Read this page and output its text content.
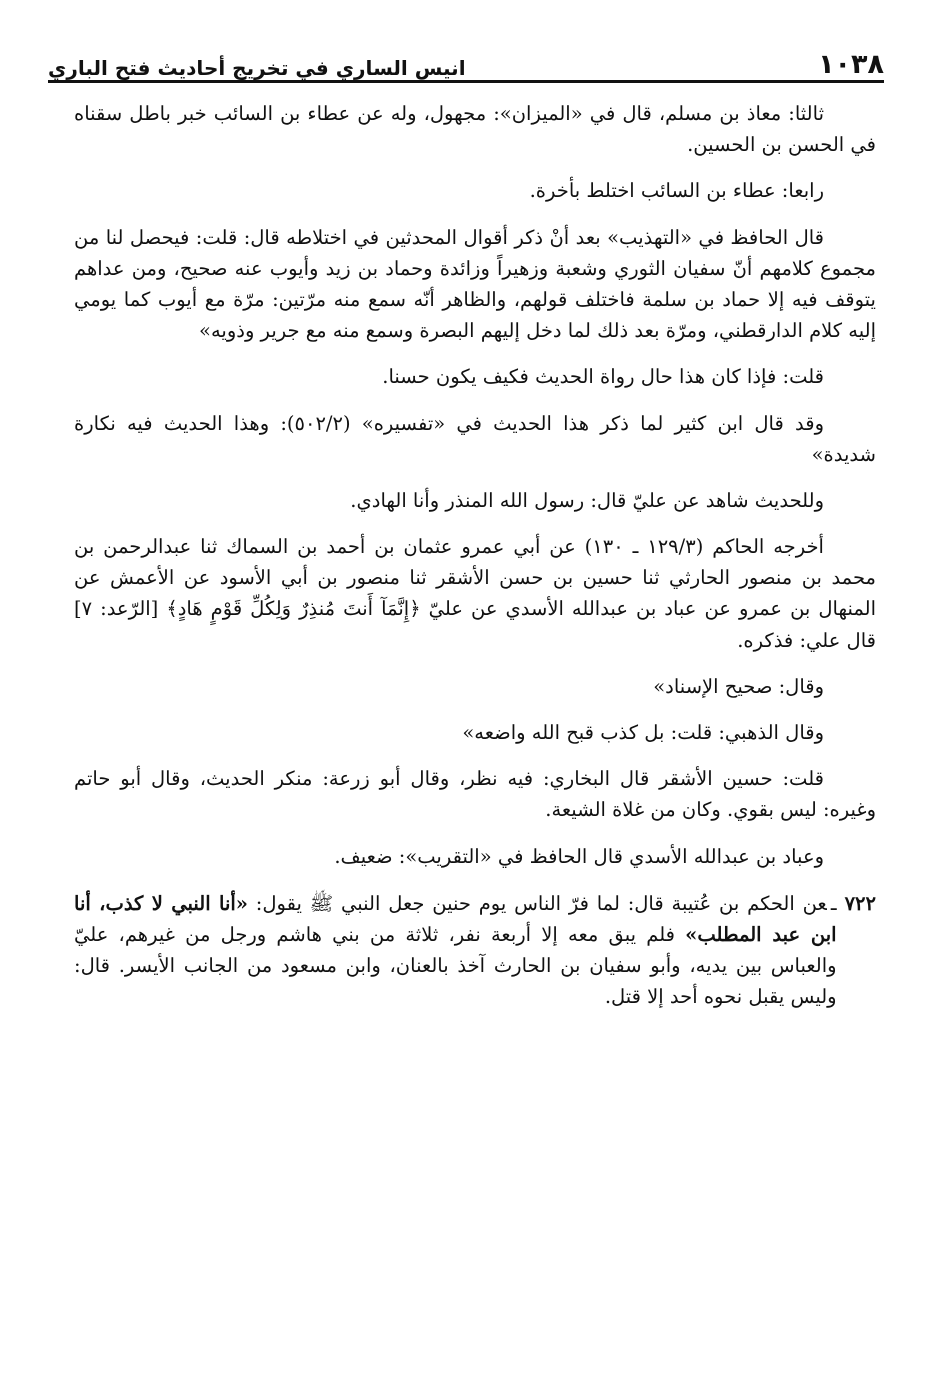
١٠٣٨
انيس الساري في تخريج أحاديث فتح الباري

ثالثا: معاذ بن مسلم، قال في «الميزان»: مجهول، وله عن عطاء بن السائب خبر باطل سقناه في الحسن بن الحسين.

رابعا: عطاء بن السائب اختلط بأخرة.

قال الحافظ في «التهذيب» بعد أنْ ذكر أقوال المحدثين في اختلاطه قال: قلت: فيحصل لنا من مجموع كلامهم أنّ سفيان الثوري وشعبة وزهيراً وزائدة وحماد بن زيد وأيوب عنه صحيح، ومن عداهم يتوقف فيه إلا حماد بن سلمة فاختلف قولهم، والظاهر أنّه سمع منه مرّتين: مرّة مع أيوب كما يومي إليه كلام الدارقطني، ومرّة بعد ذلك لما دخل إليهم البصرة وسمع منه مع جرير وذويه»

قلت: فإذا كان هذا حال رواة الحديث فكيف يكون حسنا.

وقد قال ابن كثير لما ذكر هذا الحديث في «تفسيره» (٥٠٢/٢): وهذا الحديث فيه نكارة شديدة»

وللحديث شاهد عن عليّ قال: رسول الله المنذر وأنا الهادي.

أخرجه الحاكم (١٢٩/٣ ـ ١٣٠) عن أبي عمرو عثمان بن أحمد بن السماك ثنا عبدالرحمن بن محمد بن منصور الحارثي ثنا حسين بن حسن الأشقر ثنا منصور بن أبي الأسود عن الأعمش عن المنهال بن عمرو عن عباد بن عبدالله الأسدي عن عليّ ﴿إِنَّمَآ أَنتَ مُنذِرٌ وَلِكُلِّ قَوْمٍ هَادٍ﴾ [الرّعد: ٧] قال علي: فذكره.

وقال: صحيح الإسناد»

وقال الذهبي: قلت: بل كذب قبح الله واضعه»

قلت: حسين الأشقر قال البخاري: فيه نظر، وقال أبو زرعة: منكر الحديث، وقال أبو حاتم وغيره: ليس بقوي. وكان من غلاة الشيعة.

وعباد بن عبدالله الأسدي قال الحافظ في «التقريب»: ضعيف.

٧٢٢
ـعن الحكم بن عُتيبة قال: لما فرّ الناس يوم حنين جعل النبي ﷺ يقول: «أنا النبي لا كذب، أنا ابن عبد المطلب» فلم يبق معه إلا أربعة نفر، ثلاثة من بني هاشم ورجل من غيرهم، عليّ والعباس بين يديه، وأبو سفيان بن الحارث آخذ بالعنان، وابن مسعود من الجانب الأيسر. قال: وليس يقبل نحوه أحد إلا قتل.
